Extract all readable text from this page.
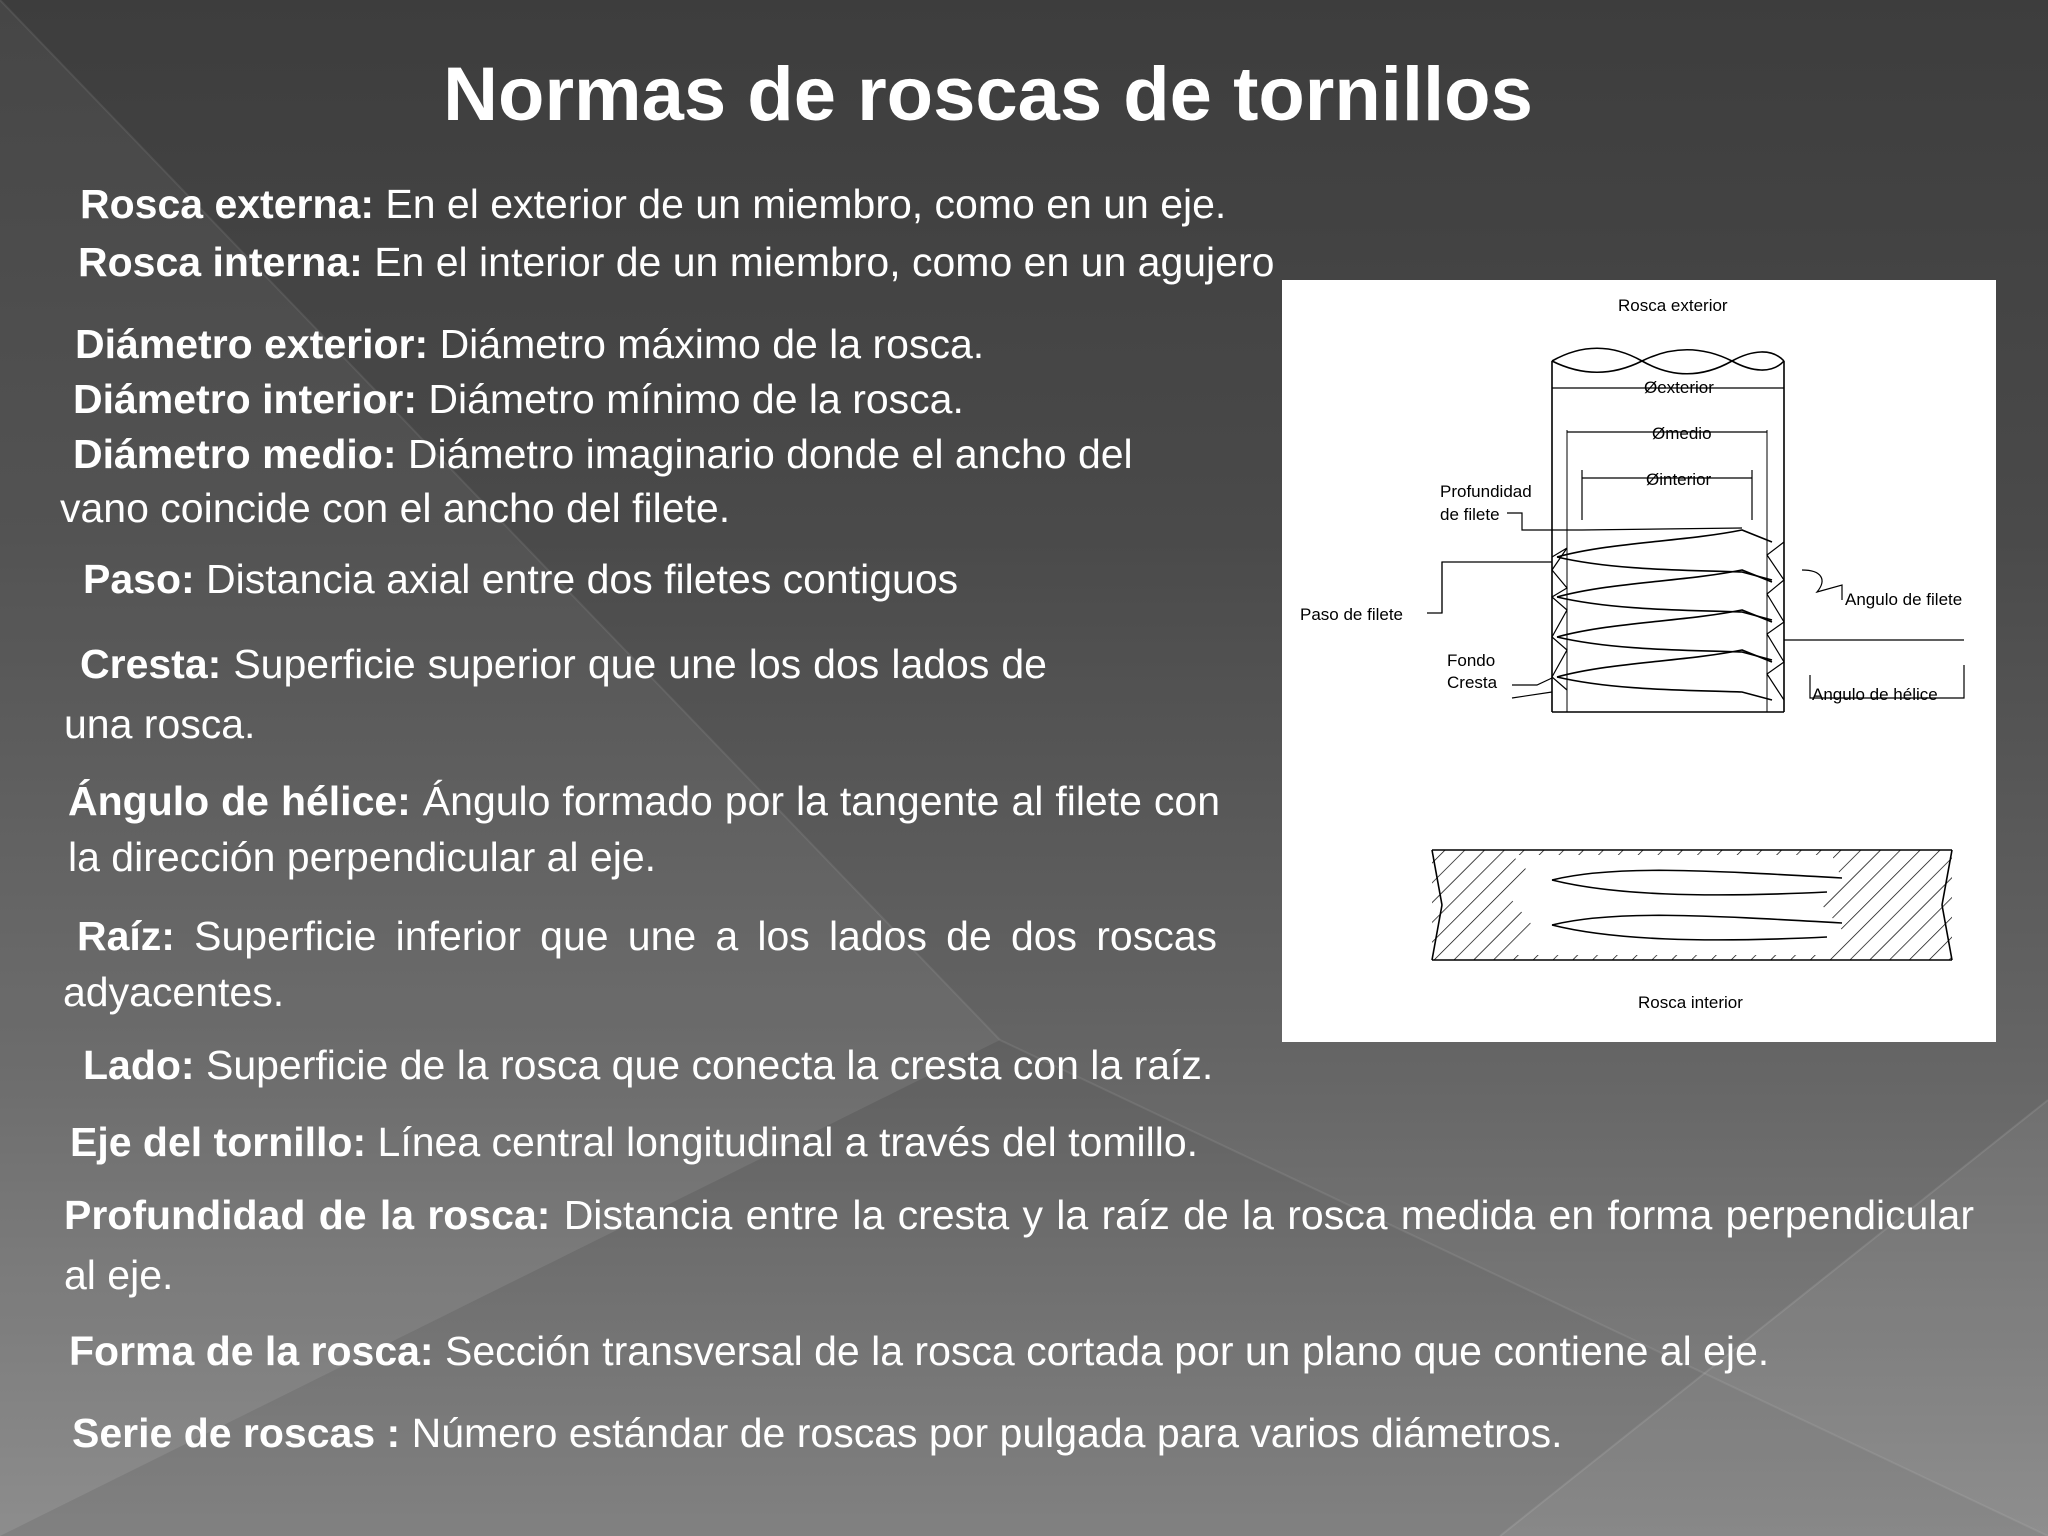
Normas de roscas de tornillos
Rosca externa: En el exterior de un miembro, como en un eje.
Rosca interna: En el interior de un miembro, como en un agujero
Diámetro exterior: Diámetro máximo de la rosca.
Diámetro interior: Diámetro mínimo de la rosca.
Diámetro medio: Diámetro imaginario donde el ancho del
vano coincide con el ancho del filete.
Paso: Distancia axial entre dos filetes contiguos
Cresta: Superficie superior que une los dos lados de una rosca.
Ángulo de hélice: Ángulo formado por la tangente al filete con la dirección perpendicular al eje.
Raíz: Superficie inferior que une a los lados de dos roscas adyacentes.
Lado: Superficie de la rosca que conecta la cresta con la raíz.
Eje del tornillo: Línea central longitudinal a través del tomillo.
Profundidad de la rosca: Distancia entre la cresta y la raíz de la rosca medida en forma perpendicular al eje.
Forma de la rosca: Sección transversal de la rosca cortada por un plano que contiene al eje.
Serie de roscas : Número estándar de roscas por pulgada para varios diámetros.
Rosca exterior
Øexterior
Ømedio
Øinterior
Profundidad
de filete
Paso de filete
Fondo
Cresta
Angulo de filete
Angulo de hélice
Rosca interior
